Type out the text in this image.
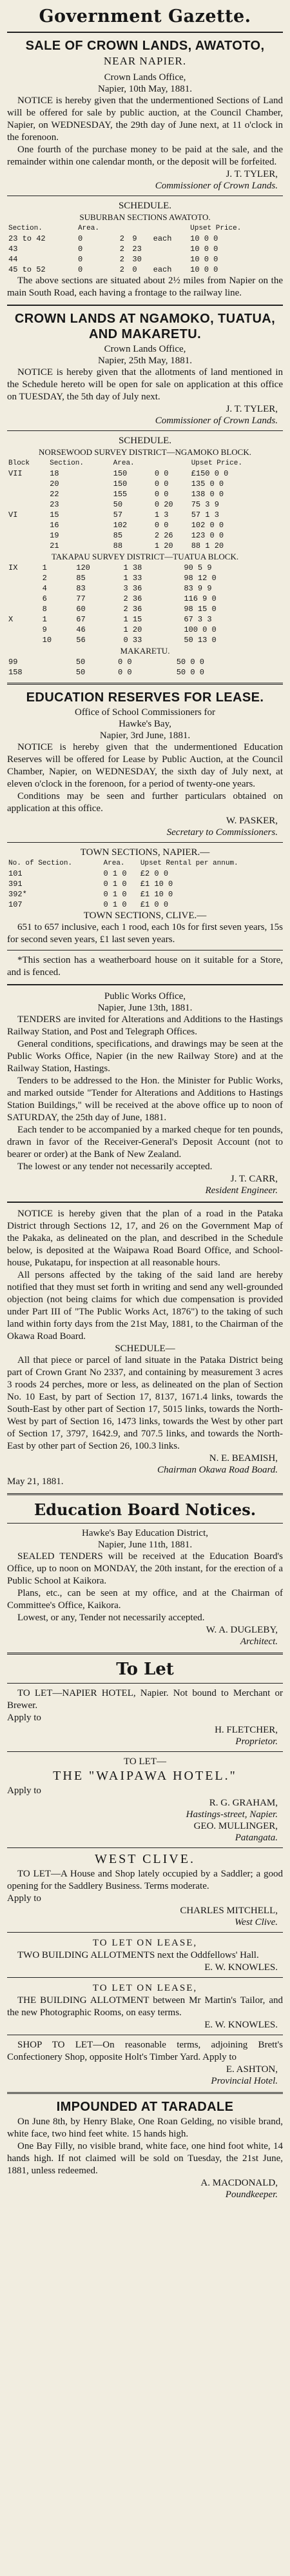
Government Gazette.
SALE OF CROWN LANDS, AWATOTO,
NEAR NAPIER.
Crown Lands Office,
Napier, 10th May, 1881.

NOTICE is hereby given that the undermentioned Sections of Land will be offered for sale by public auction, at the Council Chamber, Napier, on WEDNESDAY, the 29th day of June next, at 11 o'clock in the forenoon.

One fourth of the purchase money to be paid at the sale, and the remainder within one calendar month, or the deposit will be forfeited.

J. T. TYLER,
Commissioner of Crown Lands.
SCHEDULE.
SUBURBAN SECTIONS AWATOTO.
Section.	Area.				Upset Price.
23 to 42	0	2	9	each	10 0 0
43	0	2	23		10 0 0
44	0	2	30		10 0 0
45 to 52	0	2	0	each	10 0 0

The above sections are situated about 2½ miles from Napier on the main South Road, each having a frontage to the railway line.

CROWN LANDS AT NGAMOKO, TUATUA, AND MAKARETU.
Crown Lands Office,
Napier, 25th May, 1881.

NOTICE is hereby given that the allotments of land mentioned in the Schedule hereto will be open for sale on application at this office on TUESDAY, the 5th day of July next.

J. T. TYLER,
Commissioner of Crown Lands.
SCHEDULE.
NORSEWOOD SURVEY DISTRICT—NGAMOKO BLOCK.
Block	Section.	Area.		Upset Price.
VII	18	150	0 0	£150 0 0
	20	150	0 0	135 0 0
	22	155	0 0	138 0 0
	23	50	0 20	75 3 9
VI	15	57	1 3	57 1 3
	16	102	0 0	102 0 0
	19	85	2 26	123 0 0
	21	88	1 20	88 1 20
TAKAPAU SURVEY DISTRICT—TUATUA BLOCK.
IX	1	120	1 38	90 5 9
	2	85	1 33	98 12 0
	4	83	3 36	83 9 9
	6	77	2 36	116 9 0
	8	60	2 36	98 15 0
X	1	67	1 15	67 3 3
	9	46	1 20	100 0 0
	10	56	0 33	50 13 0
MAKARETU.
99		50	0 0	50 0 0
158		50	0 0	50 0 0
EDUCATION RESERVES FOR LEASE.
Office of School Commissioners for
Hawke's Bay,
Napier, 3rd June, 1881.

NOTICE is hereby given that the undermentioned Education Reserves will be offered for Lease by Public Auction, at the Council Chamber, Napier, on WEDNESDAY, the sixth day of July next, at eleven o'clock in the forenoon, for a period of twenty-one years.

Conditions may be seen and further particulars obtained on application at this office.

W. PASKER,
Secretary to Commissioners.
TOWN SECTIONS, NAPIER.—
No. of Section.	Area.	Upset Rental per annum.
101	0 1 0	£2 0 0
391	0 1 0	£1 10 0
392*	0 1 0	£1 10 0
107	0 1 0	£1 0 0
TOWN SECTIONS, CLIVE.—

651 to 657 inclusive, each 1 rood, each 10s for first seven years, 15s for second seven years, £1 last seven years.

*This section has a weatherboard house on it suitable for a Store, and is fenced.

Public Works Office,
Napier, June 13th, 1881.

TENDERS are invited for Alterations and Additions to the Hastings Railway Station, and Post and Telegraph Offices.

General conditions, specifications, and drawings may be seen at the Public Works Office, Napier (in the new Railway Store) and at the Railway Station, Hastings.

Tenders to be addressed to the Hon. the Minister for Public Works, and marked outside "Tender for Alterations and Additions to Hastings Station Buildings," will be received at the above office up to noon of SATURDAY, the 25th day of June, 1881.

Each tender to be accompanied by a marked cheque for ten pounds, drawn in favor of the Receiver-General's Deposit Account (not to bearer or order) at the Bank of New Zealand.

The lowest or any tender not necessarily accepted.

J. T. CARR,
Resident Engineer.

NOTICE is hereby given that the plan of a road in the Pataka District through Sections 12, 17, and 26 on the Government Map of the Pakaka, as delineated on the plan, and described in the Schedule below, is deposited at the Waipawa Road Board Office, and School-house, Pukatapu, for inspection at all reasonable hours.

All persons affected by the taking of the said land are hereby notified that they must set forth in writing and send any well-grounded objection (not being claims for which due compensation is provided under Part III of "The Public Works Act, 1876") to the taking of such land within forty days from the 21st May, 1881, to the Chairman of the Okawa Road Board.

SCHEDULE—

All that piece or parcel of land situate in the Pataka District being part of Crown Grant No 2337, and containing by measurement 3 acres 3 roods 24 perches, more or less, as delineated on the plan of Section No. 10 East, by part of Section 17, 8137, 1671.4 links, towards the South-East by other part of Section 17, 5015 links, towards the North-West by part of Section 16, 1473 links, towards the West by other part of Section 17, 3797, 1642.9, and 707.5 links, and towards the North-East by other part of Section 26, 100.3 links.

N. E. BEAMISH,
Chairman Okawa Road Board.

May 21, 1881.

Education Board Notices.
Hawke's Bay Education District,
Napier, June 11th, 1881.

SEALED TENDERS will be received at the Education Board's Office, up to noon on MONDAY, the 20th instant, for the erection of a Public School at Kaikora.

Plans, etc., can be seen at my office, and at the Chairman of Committee's Office, Kaikora.

Lowest, or any, Tender not necessarily accepted.

W. A. DUGLEBY,
Architect.
To Let

TO LET—NAPIER HOTEL, Napier. Not bound to Merchant or Brewer.

Apply to

H. FLETCHER,
Proprietor.
TO LET—
THE "WAIPAWA HOTEL."

Apply to

R. G. GRAHAM,
Hastings-street, Napier.
GEO. MULLINGER,
Patangata.
WEST CLIVE.

TO LET—A House and Shop lately occupied by a Saddler; a good opening for the Saddlery Business. Terms moderate.

Apply to

CHARLES MITCHELL,
West Clive.
TO LET ON LEASE,

TWO BUILDING ALLOTMENTS next the Oddfellows' Hall.

E. W. KNOWLES.
TO LET ON LEASE,

THE BUILDING ALLOTMENT between Mr Martin's Tailor, and the new Photographic Rooms, on easy terms.

E. W. KNOWLES.

SHOP TO LET—On reasonable terms, adjoining Brett's Confectionery Shop, opposite Holt's Timber Yard. Apply to

E. ASHTON,
Provincial Hotel.
IMPOUNDED AT TARADALE

On June 8th, by Henry Blake, One Roan Gelding, no visible brand, white face, two hind feet white. 15 hands high.

One Bay Filly, no visible brand, white face, one hind foot white, 14 hands high. If not claimed will be sold on Tuesday, the 21st June, 1881, unless redeemed.

A. MACDONALD,
Poundkeeper.
